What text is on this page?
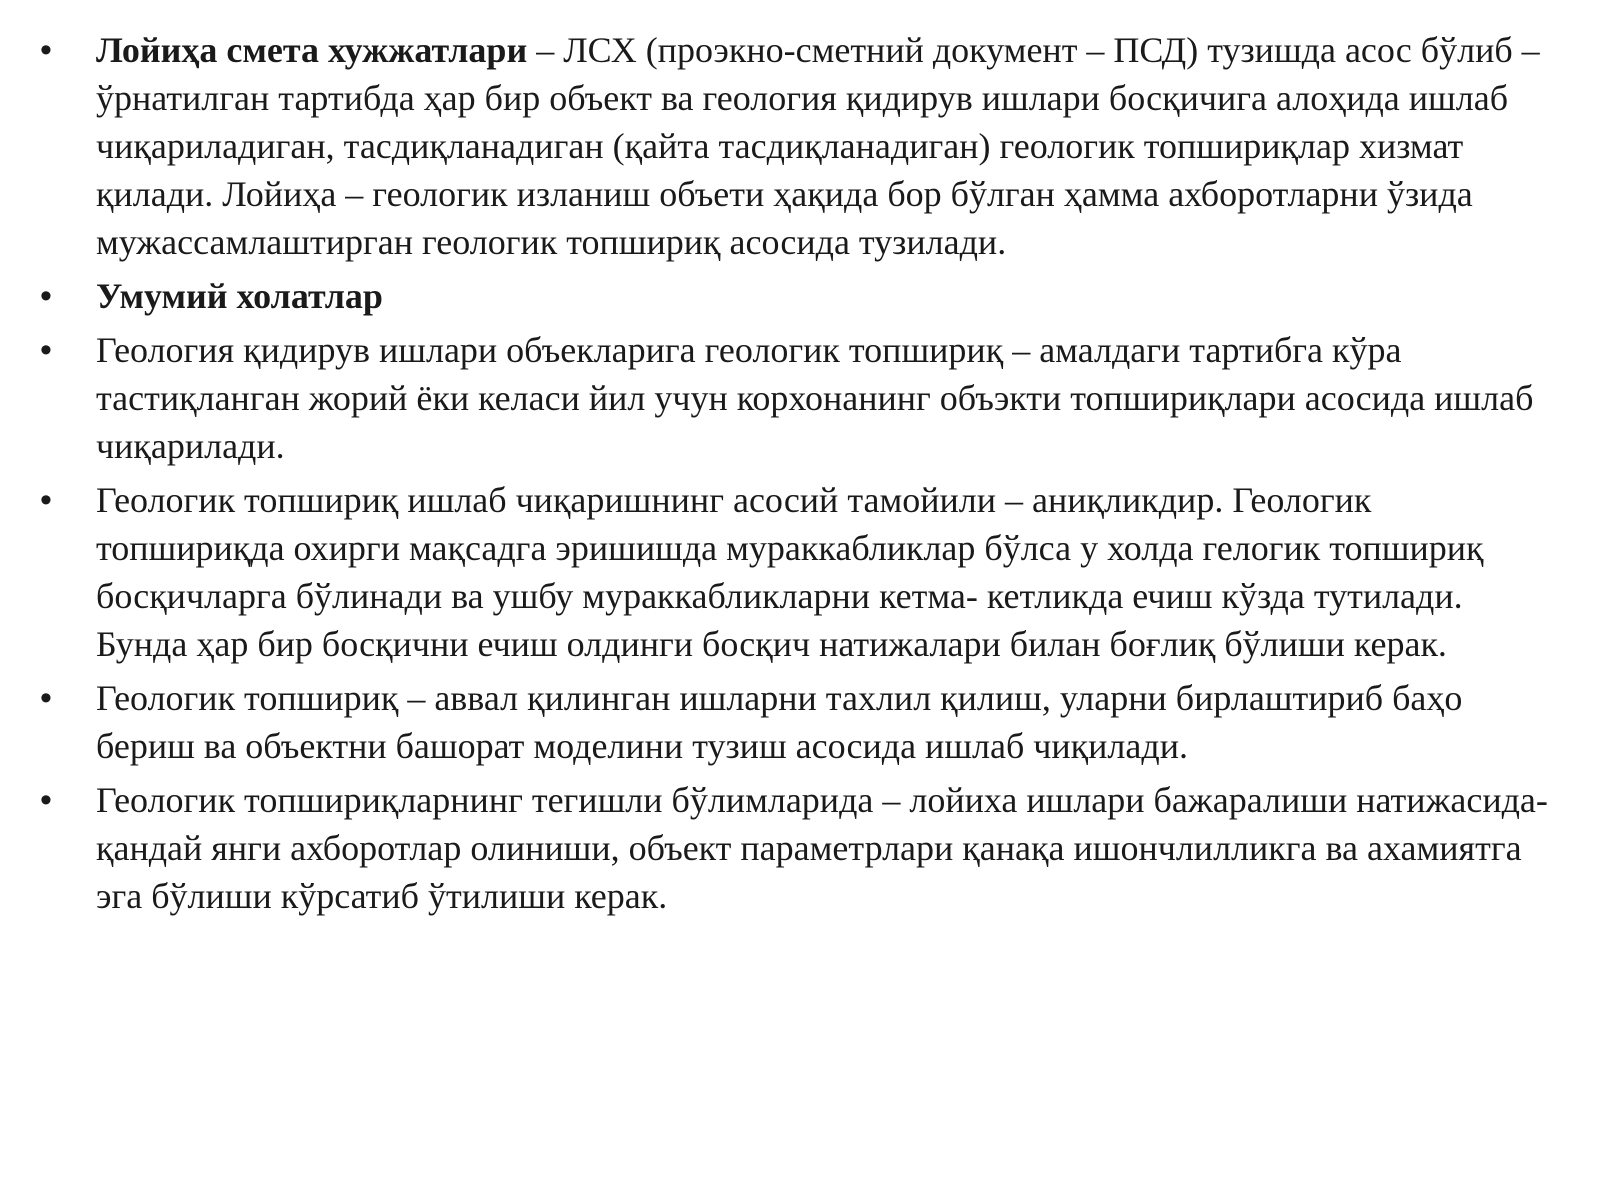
• Лойиҳа смета хужжатлари – ЛСХ (проэкно-сметний документ – ПСД) тузишда асос бўлиб – ўрнатилган тартибда ҳар бир объект ва геология қидирув ишлари босқичига алоҳида ишлаб чиқариладиган, тасдиқланадиган (қайта тасдиқланадиган) геологик топшириқлар хизмат қилади. Лойиҳа – геологик изланиш объети ҳақида бор бўлган ҳамма ахборотларни ўзида мужассамлаштирган геологик топшириқ асосида тузилади.
• Умумий холатлар
• Геология қидирув ишлари объекларига геологик топшириқ – амалдаги тартибга кўра тастиқланган жорий ёки келаси йил учун корхонанинг объэкти топшириқлари асосида ишлаб чиқарилади.
• Геологик топшириқ ишлаб чиқаришнинг асосий тамойили – аниқликдир. Геологик топшириқда охирги мақсадга эришишда мураккабликлар бўлса у холда гелогик топшириқ босқичларга бўлинади ва ушбу мураккабликларни кетма- кетликда ечиш кўзда тутилади. Бунда ҳар бир босқични ечиш олдинги босқич натижалари билан боғлиқ бўлиши керак.
• Геологик топшириқ – аввал қилинган ишларни тахлил қилиш, уларни бирлаштириб баҳо бериш ва объектни башорат моделини тузиш асосида ишлаб чиқилади.
• Геологик топшириқларнинг тегишли бўлимларида – лойиха ишлари бажаралиши натижасида-қандай янги ахборотлар олиниши, объект параметрлари қанақа ишончлилликга ва ахамиятга эга бўлиши кўрсатиб ўтилиши керак.
